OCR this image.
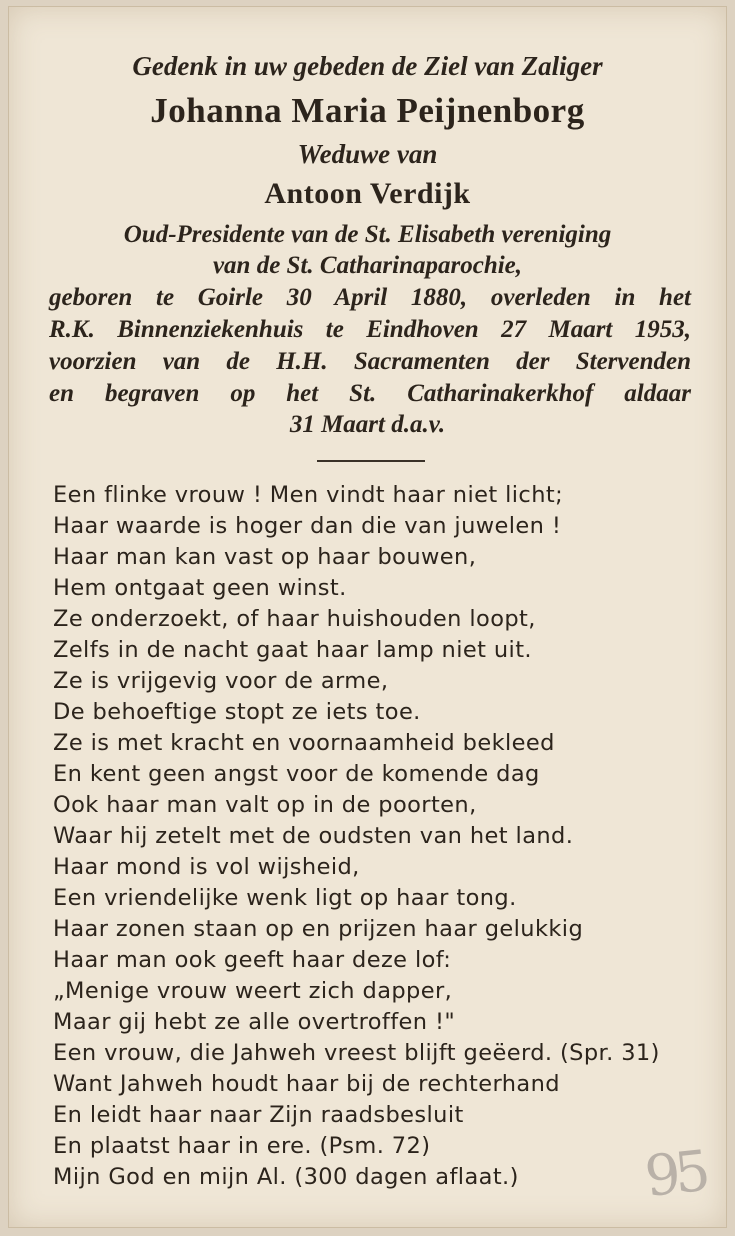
Gedenk in uw gebeden de Ziel van Zaliger
Johanna Maria Peijnenborg
Weduwe van
Antoon Verdijk
Oud-Presidente van de St. Elisabeth vereniging
van de St. Catharinaparochie,
geboren te Goirle 30 April 1880, overleden in het
R.K. Binnenziekenhuis te Eindhoven 27 Maart 1953,
voorzien van de H.H. Sacramenten der Stervenden
en begraven op het St. Catharinakerkhof aldaar
31 Maart d.a.v.
Een flinke vrouw ! Men vindt haar niet licht;
Haar waarde is hoger dan die van juwelen !
Haar man kan vast op haar bouwen,
Hem ontgaat geen winst.
Ze onderzoekt, of haar huishouden loopt,
Zelfs in de nacht gaat haar lamp niet uit.
Ze is vrijgevig voor de arme,
De behoeftige stopt ze iets toe.
Ze is met kracht en voornaamheid bekleed
En kent geen angst voor de komende dag
Ook haar man valt op in de poorten,
Waar hij zetelt met de oudsten van het land.
Haar mond is vol wijsheid,
Een vriendelijke wenk ligt op haar tong.
Haar zonen staan op en prijzen haar gelukkig
Haar man ook geeft haar deze lof:
„Menige vrouw weert zich dapper,
Maar gij hebt ze alle overtroffen !"
Een vrouw, die Jahweh vreest blijft geëerd. (Spr. 31)
Want Jahweh houdt haar bij de rechterhand
En leidt haar naar Zijn raadsbesluit
En plaatst haar in ere. (Psm. 72)
Mijn God en mijn Al. (300 dagen aflaat.) 95
